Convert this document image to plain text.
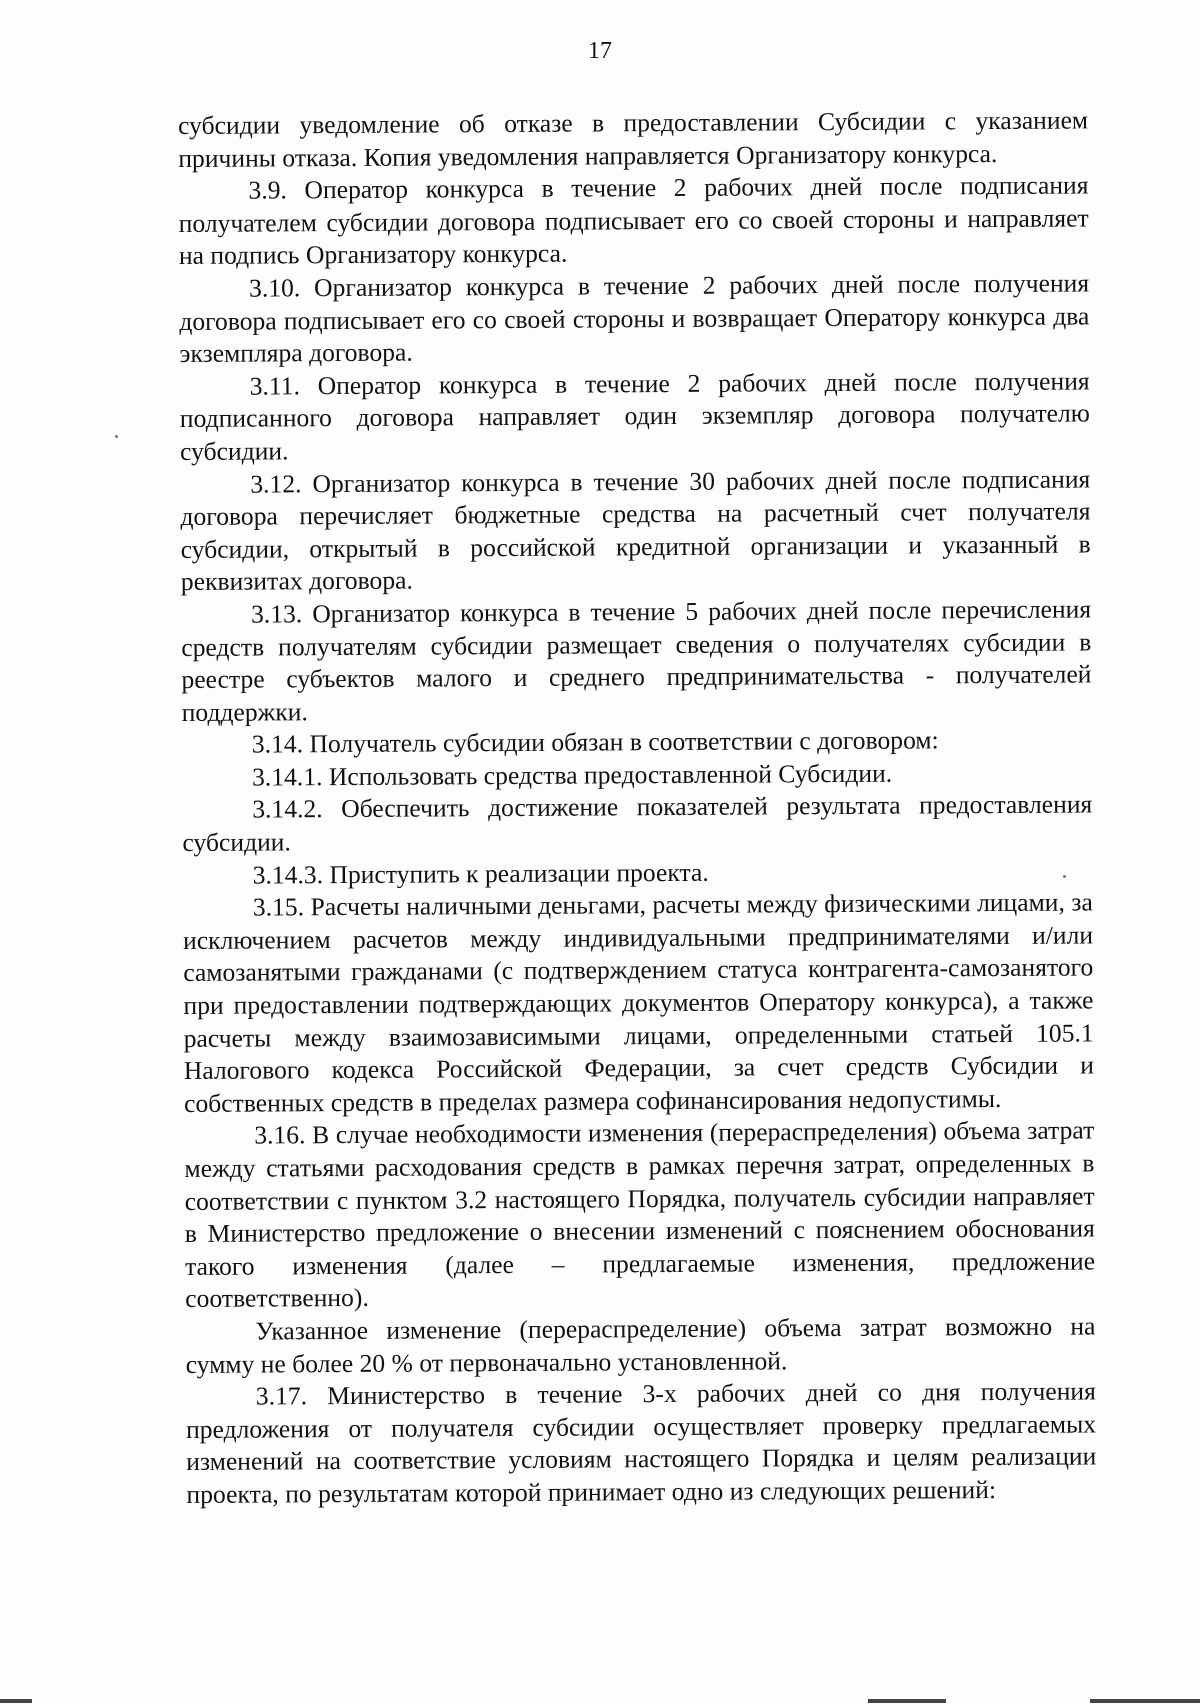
17

субсидии уведомление об отказе в предоставлении Субсидии с указанием причины отказа. Копия уведомления направляется Организатору конкурса.

3.9. Оператор конкурса в течение 2 рабочих дней после подписания получателем субсидии договора подписывает его со своей стороны и направляет на подпись Организатору конкурса.

3.10. Организатор конкурса в течение 2 рабочих дней после получения договора подписывает его со своей стороны и возвращает Оператору конкурса два экземпляра договора.

3.11. Оператор конкурса в течение 2 рабочих дней после получения подписанного договора направляет один экземпляр договора получателю субсидии.

3.12. Организатор конкурса в течение 30 рабочих дней после подписания договора перечисляет бюджетные средства на расчетный счет получателя субсидии, открытый в российской кредитной организации и указанный в реквизитах договора.

3.13. Организатор конкурса в течение 5 рабочих дней после перечисления средств получателям субсидии размещает сведения о получателях субсидии в реестре субъектов малого и среднего предпринимательства - получателей поддержки.

3.14. Получатель субсидии обязан в соответствии с договором:

3.14.1. Использовать средства предоставленной Субсидии.

3.14.2. Обеспечить достижение показателей результата предоставления субсидии.

3.14.3. Приступить к реализации проекта.

3.15. Расчеты наличными деньгами, расчеты между физическими лицами, за исключением расчетов между индивидуальными предпринимателями и/или самозанятыми гражданами (с подтверждением статуса контрагента-самозанятого при предоставлении подтверждающих документов Оператору конкурса), а также расчеты между взаимозависимыми лицами, определенными статьей 105.1 Налогового кодекса Российской Федерации, за счет средств Субсидии и собственных средств в пределах размера софинансирования недопустимы.

3.16. В случае необходимости изменения (перераспределения) объема затрат между статьями расходования средств в рамках перечня затрат, определенных в соответствии с пунктом 3.2 настоящего Порядка, получатель субсидии направляет в Министерство предложение о внесении изменений с пояснением обоснования такого изменения (далее – предлагаемые изменения, предложение соответственно).

Указанное изменение (перераспределение) объема затрат возможно на сумму не более 20 % от первоначально установленной.

3.17. Министерство в течение 3-х рабочих дней со дня получения предложения от получателя субсидии осуществляет проверку предлагаемых изменений на соответствие условиям настоящего Порядка и целям реализации проекта, по результатам которой принимает одно из следующих решений:
